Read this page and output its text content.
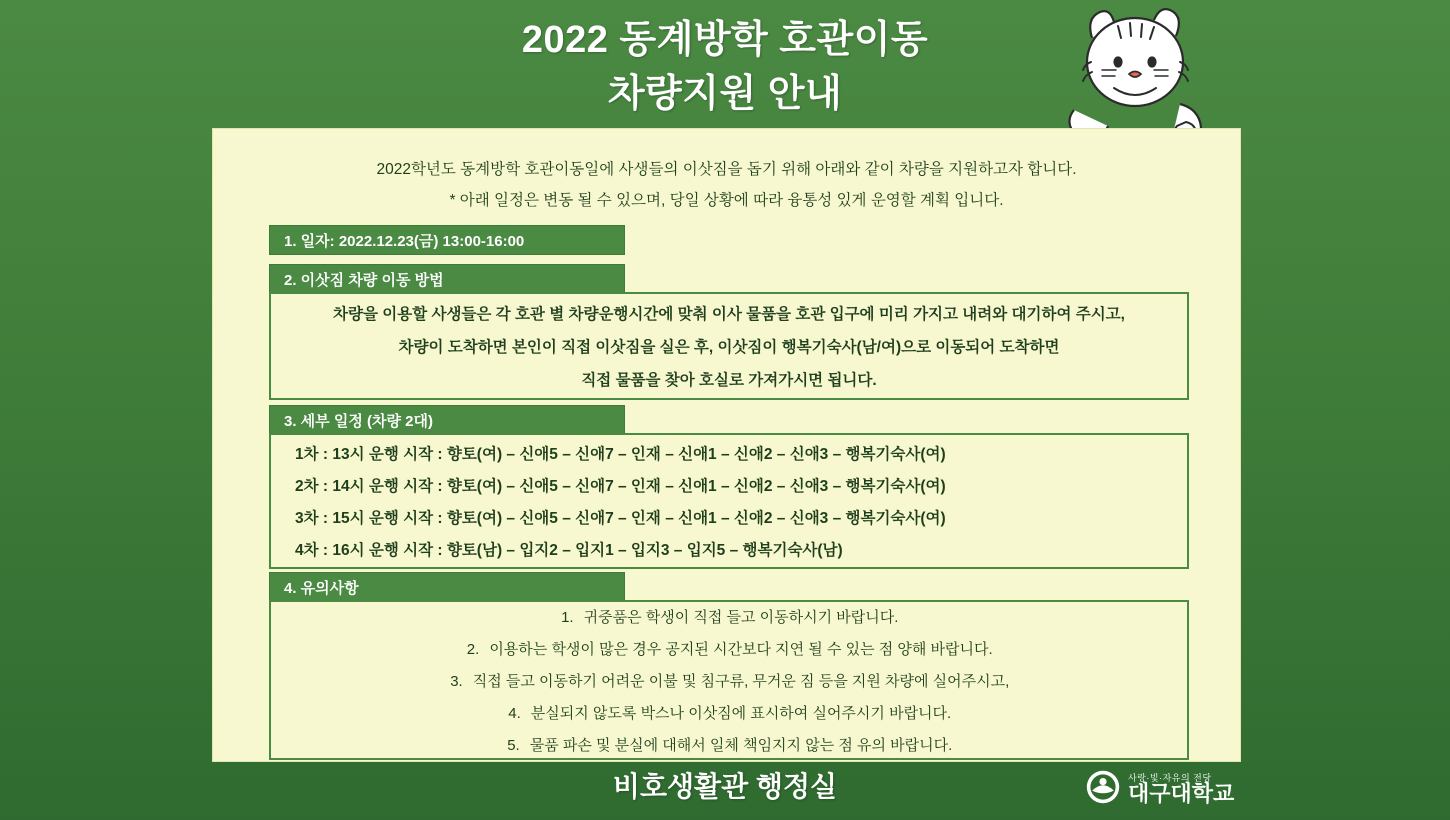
2022 동계방학 호관이동
차량지원 안내
2022학년도 동계방학 호관이동일에 사생들의 이삿짐을 돕기 위해 아래와 같이 차량을 지원하고자 합니다.
* 아래 일정은 변동 될 수 있으며, 당일 상황에 따라 융통성 있게 운영할 계획 입니다.
1. 일자: 2022.12.23(금) 13:00-16:00
2. 이삿짐 차량 이동 방법
차량을 이용할 사생들은 각 호관 별 차량운행시간에 맞춰 이사 물품을 호관 입구에 미리 가지고 내려와 대기하여 주시고,
차량이 도착하면 본인이 직접 이삿짐을 실은 후, 이삿짐이 행복기숙사(남/여)으로 이동되어 도착하면
직접 물품을 찾아 호실로 가져가시면 됩니다.
3. 세부 일정 (차량 2대)
1차 : 13시 운행 시작 : 향토(여) – 신애5 – 신애7 – 인재 – 신애1 – 신애2 – 신애3 – 행복기숙사(여)
2차 : 14시 운행 시작 : 향토(여) – 신애5 – 신애7 – 인재 – 신애1 – 신애2 – 신애3 – 행복기숙사(여)
3차 : 15시 운행 시작 : 향토(여) – 신애5 – 신애7 – 인재 – 신애1 – 신애2 – 신애3 – 행복기숙사(여)
4차 : 16시 운행 시작 : 향토(남) – 입지2 – 입지1 – 입지3 – 입지5 – 행복기숙사(남)
4. 유의사항
1. 귀중품은 학생이 직접 들고 이동하시기 바랍니다.
2. 이용하는 학생이 많은 경우 공지된 시간보다 지연 될 수 있는 점 양해 바랍니다.
3. 직접 들고 이동하기 어려운 이불 및 침구류, 무거운 짐 등을 지원 차량에 실어주시고,
4. 분실되지 않도록 박스나 이삿짐에 표시하여 실어주시기 바랍니다.
5. 물품 파손 및 분실에 대해서 일체 책임지지 않는 점 유의 바랍니다.
비호생활관 행정실	사랑·빛·자유의 전당
대구대학교
